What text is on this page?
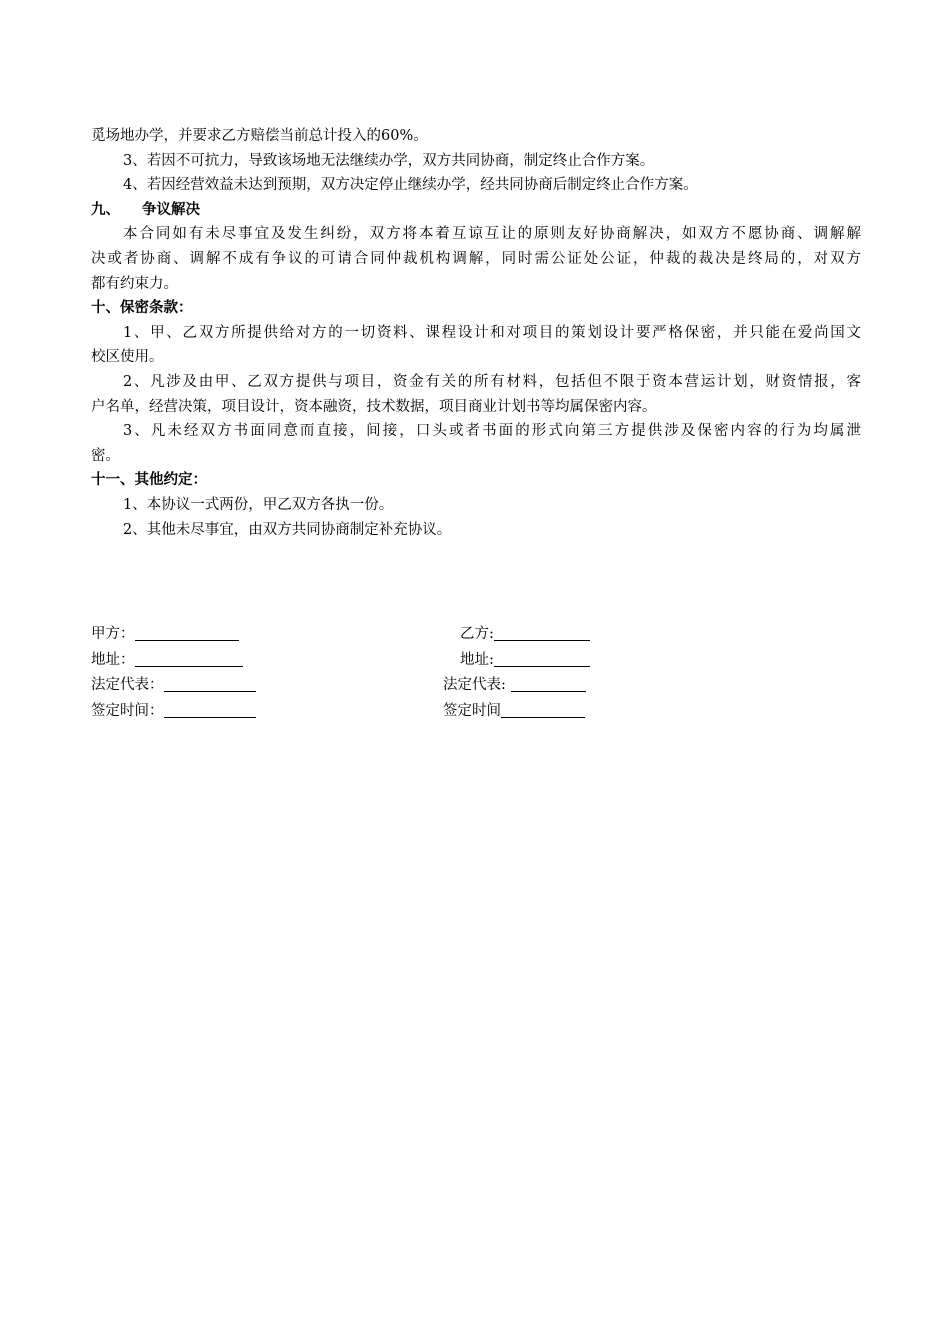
觅场地办学，并要求乙方赔偿当前总计投入的60%。
3、若因不可抗力，导致该场地无法继续办学，双方共同协商，制定终止合作方案。
4、若因经营效益未达到预期，双方决定停止继续办学，经共同协商后制定终止合作方案。
九、 争议解决
本合同如有未尽事宜及发生纠纷，双方将本着互谅互让的原则友好协商解决，如双方不愿协商、调解解
决或者协商、调解不成有争议的可请合同仲裁机构调解，同时需公证处公证，仲裁的裁决是终局的，对双方
都有约束力。
十、保密条款：
1、甲、乙双方所提供给对方的一切资料、课程设计和对项目的策划设计要严格保密，并只能在爱尚国文
校区使用。
2、凡涉及由甲、乙双方提供与项目，资金有关的所有材料，包括但不限于资本营运计划，财资情报，客
户名单，经营决策，项目设计，资本融资，技术数据，项目商业计划书等均属保密内容。
3、凡未经双方书面同意而直接，间接，口头或者书面的形式向第三方提供涉及保密内容的行为均属泄
密。
十一、其他约定：
1、本协议一式两份，甲乙双方各执一份。
2、其他未尽事宜，由双方共同协商制定补充协议。
甲方：	乙方:
地址：	地址:
法定代表：	法定代表:
签定时间：	签定时间
